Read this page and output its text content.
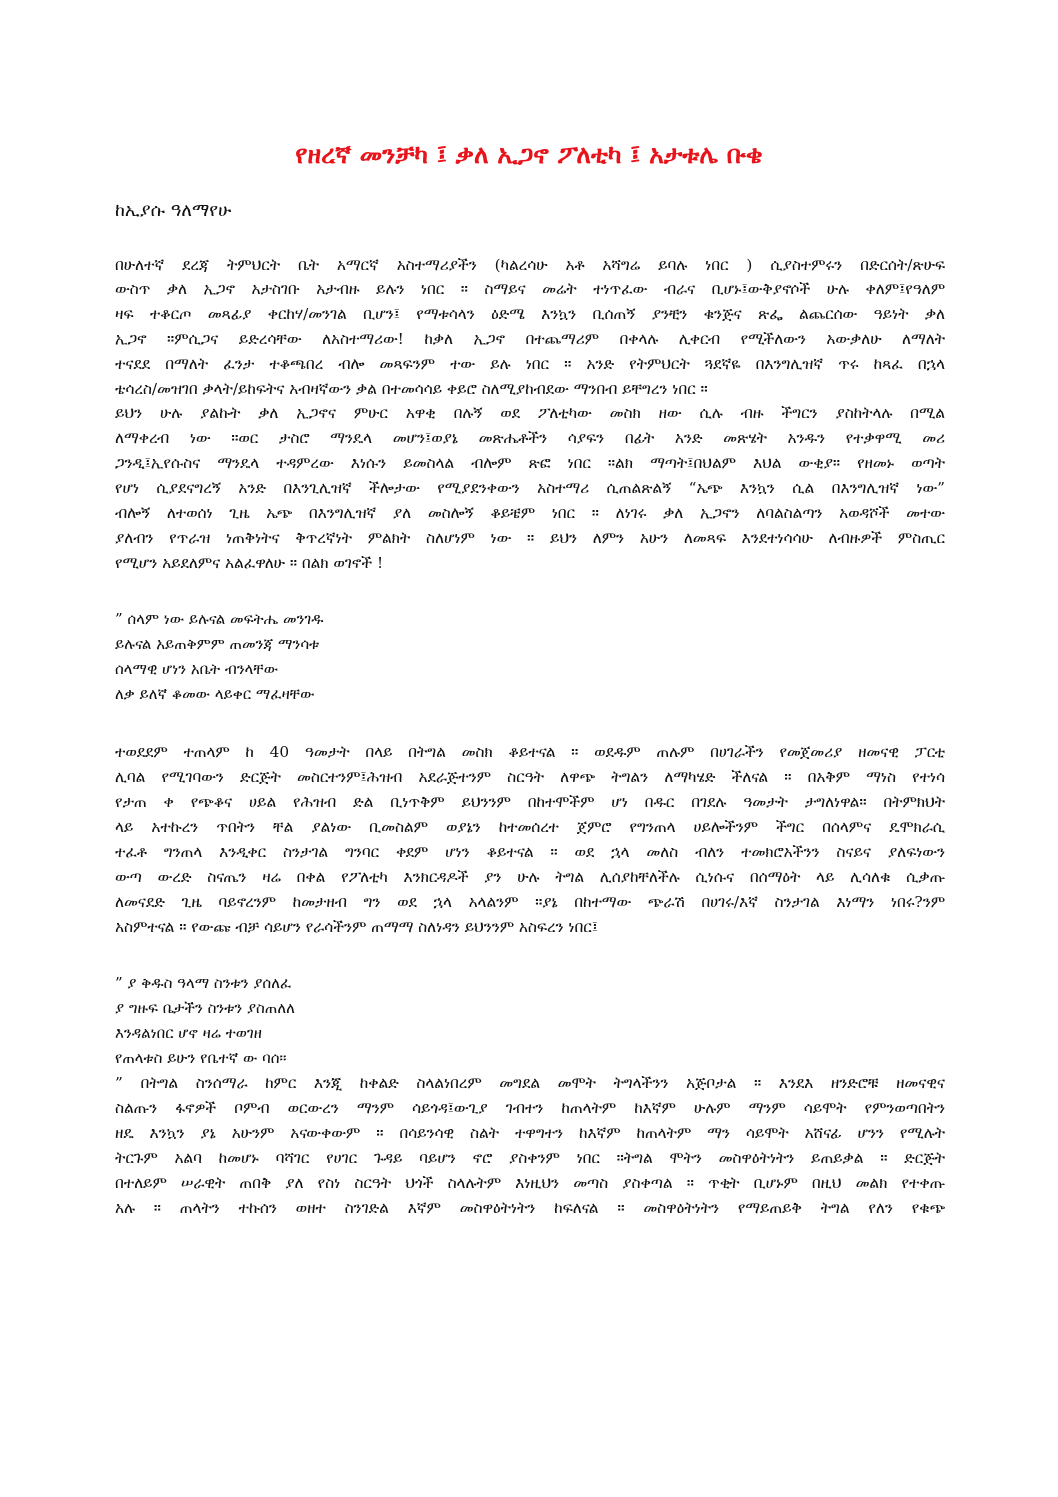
የዘረኛ መንቻካ ፤ ቃለ ኢጋኖ ፖለቲካ ፤ አታቱሌ ቡቄ

ከኢያሱ ዓለማየሁ

በሁለተኛ ደረጃ ትምህርት ቤት አማርኛ አስተማሪያችን (ካልረሳሁ አቶ አሻግሬ ይባሉ ነበር ) ሲያስተምሩን በድርሰት/ጽሁፍ

ውስጥ ቃለ ኢጋኖ አታስገቡ አታብዙ ይሉን ነበር ። ስማይና መሬት ተነጥፈው ብራና ቢሆኑ፤ውቅያኖሶች ሁሉ ቀለም፤የዓለም

ዛፍ ተቆርጦ መጻፊያ ቀርከሃ/መንገል ቢሆን፤ የማቱሳላን ዕድሜ እንኳን ቢሰጠኝ ያንቺን ቁንጅና ጽፌ ልጨርሰው ዓይነት ቃለ

ኢጋኖ ።ምሲጋና ይድረሳቸው ለአስተማሪው! ከቃለ ኢጋኖ በተጨማሪም በቀላሉ ሊቀርብ የሚችለውን አውቃለሁ ለማለት

ተናደደ በማለት ፈንታ ተቆጫበረ ብሎ መጻፍንም ተው ይሉ ነበር ። አንድ የትምህርት ጓደኛዬ በእንግሊዝኛ ጥሩ ከጻፈ በኋላ

ቴሳረስ/መዝገበ ቃላት/ይከፍትና አብዛኛውን ቃል በተመሳሳይ ቀይሮ ስለሚያከብደው ማንበብ ይቸግረን ነበር ።

ይህን ሁሉ ያልኩት ቃለ ኢጋኖና ምሁር አዋቂ በሉኝ ወደ ፖለቲካው መስክ ዘው ሲሉ ብዙ ችግርን ያስከትላሉ በሚል

ለማቀረብ ነው ።ወር ታስሮ ማንዴላ መሆን፤ወያኔ መጽሔቶችን ሳያፍን በፊት አንድ መጽሄት አንዱን የተቃዋሚ መሪ

ጋንዲ፤ኢየሱስና ማንዴላ ተዳምረው እነሱን ይመስላል ብሎም ጽፎ ነበር ።ልክ ማጣት፤በህልም እህል ውቂያ። የዘመኑ ወጣት

የሆነ ሲያደናግረኝ አንድ በእንጊሊዝኛ ችሎታው የሚያደንቀውን አስተማሪ ሲጠልጽልኝ “ኤጭ እንኳን ሲል በእንግሊዝኛ ነው”

ብሎኝ ለተወሰነ ጊዜ ኤጭ በእንግሊዝኛ ያለ መስሎኝ ቆይቼም ነበር ። ለነገሩ ቃለ ኢጋኖን ለባልስልጣን አወዳሾች መተው

ያለብን የጥራዝ ነጠቅነትና ቅጥረኛነት ምልክት ስለሆነም ነው ። ይህን ለምን አሁን ለመጻፍ እንደተነሳሳሁ ለብዙዎች ምስጢር

የሚሆን አይደለምና አልፈዋለሁ ። በልክ ወገኖች !

” ሰላም ነው ይሉናል መፍትሔ መንገዱ

ይሉናል አይጠቅምም ጠመንጃ ማንሳቱ

ሰላማዊ ሆነን አቤት ብንላቸው

ለቃ ይለኛ ቆመው ላይቀር ማፈዛቸው

ተወደደም ተጠላም ከ 40 ዓመታት በላይ በትግል መስክ ቆይተናል ። ወደዱም ጠሉም በሀገራችን የመጀመሪያ ዘመናዊ ፓርቲ

ሊባል የሚገባውን ድርጅት መስርተንም፤ሕዝብ አደራጅተንም ስርዓት ለዋጭ ትግልን ለማካሄድ ችለናል ። በአቅም ማነስ የተነሳ

የታጠ ቀ የጭቆና ሀይል የሕዝብ ድል ቢነጥቅም ይህንንም በከተሞችም ሆነ በዱር በገደሉ ዓመታት ታግለነዋል። በትምክህት

ላይ አተኩረን ጥበትን ቸል ያልነው ቢመስልም ወያኔን ከተመሰረተ ጀምሮ የግንጠላ ሀይሎችንም ችግር በሰላምና ዴሞክራሲ

ተፈቶ ግንጠላ እንዲቀር ስንታገል ግንባር ቀደም ሆነን ቆይተናል ። ወደ ኋላ መለስ ብለን ተመክሮአችንን ስናይና ያለፍነውን

ውጣ ውረድ ስናጤን ዛሬ በቀል የፖለቲካ እንክርዳዶች ያን ሁሉ ትግል ሊሰያከቸለችሉ ሲነሱና በሰማዕት ላይ ሊሳለቁ ሲቃጡ

ለመናደድ ጊዜ ባይኖረንም ከመታዘብ ግን ወደ ኋላ አላልንም ።ያኔ በከተማው ጭራሽ በሀገሩ/እኛ ስንታገል እነማን ነበሩ?ንም

አስምተናል ። የውጩ ብቻ ሳይሆን የራሳችንም ጠማማ ስለነዳን ይህንንም አስፍረን ነበር፤

” ያ ቅዱስ ዓላማ ስንቱን ያሰለፈ

ያ ግዙፍ ቤታችን ስንቱን ያስጠለለ

እንዳልነበር ሆኖ ዛሬ ተወገዘ

የጠላቱስ ይሁን የቤተኛ ው ባሰ።

” በትግል ስንሰማራ ከምር እንጂ ከቀልድ ስላልነበረም መግደል መሞት ትግላችንን አጅቦታል ። እንደእ ዘንድሮቹ ዘመናዊና

ስልጡን ፋኖዎች ቦምብ ወርውረን ማንም ሳይጎዳ፤ውጊያ ገብተን ከጠላትም ከእኛም ሁሉም ማንም ሳይሞት የምንወጣበትን

ዘዴ እንኳን ያኔ አሁንም አናውቀውም ። በሳይንሳዊ ስልት ተዋግተን ከእኛም ከጠላትም ማን ሳይሞት አሸናፊ ሆንን የሚሉት

ትርጉም አልባ ከመሆኑ ባሻገር የሀገር ጉዳይ ባይሆን ኖሮ ያስቀንም ነበር ።ትግል ሞትን መስዋዕትነትን ይጠይቃል ። ድርጅት

በተለይም ሠራዊት ጠበቅ ያለ የስነ ስርዓት ህጎች ስላሉትም እነዚህን መጣስ ያስቀጣል ። ጥቂት ቢሆኑም በዚህ መልክ የተቀጡ

አሉ ። ጠላትን ተኩሰን ወዘተ ስንገድል እኛም መስዋዕትነትን ከፍለናል ። መስዋዕትነትን የማይጠይቅ ትግል የለን የቁጭ
